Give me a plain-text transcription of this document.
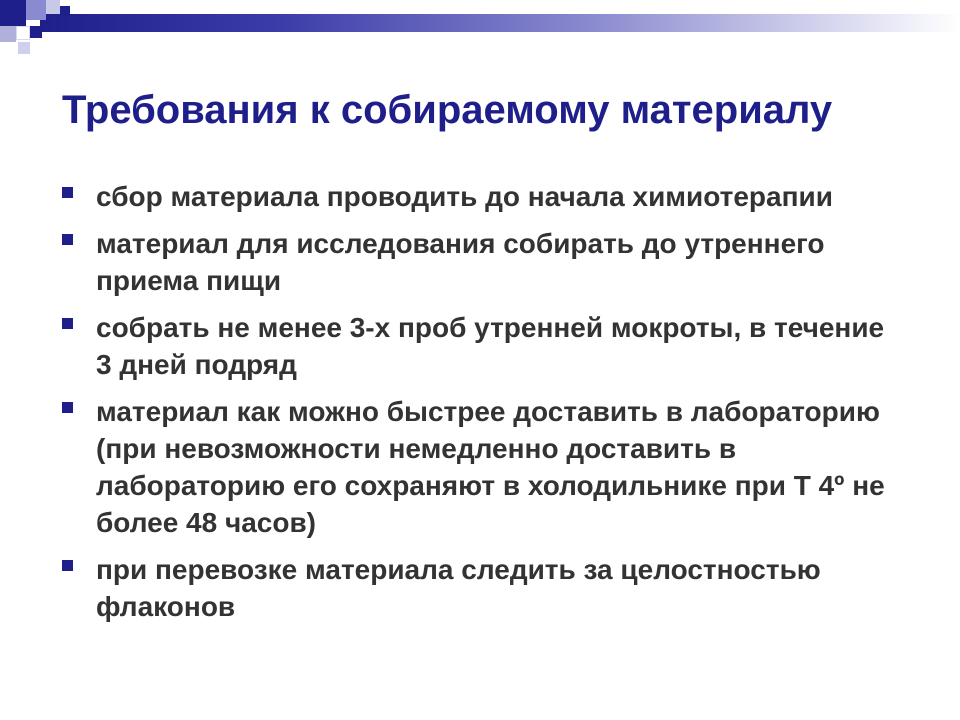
Требования к собираемому материалу
сбор материала проводить до начала химиотерапии
материал для исследования собирать до утреннего приема пищи
собрать не менее 3-х проб утренней мокроты, в течение 3 дней подряд
материал как можно быстрее доставить в лабораторию (при невозможности немедленно доставить в лабораторию его сохраняют в холодильнике при Т 4º не более 48 часов)
при перевозке материала следить за целостностью флаконов
